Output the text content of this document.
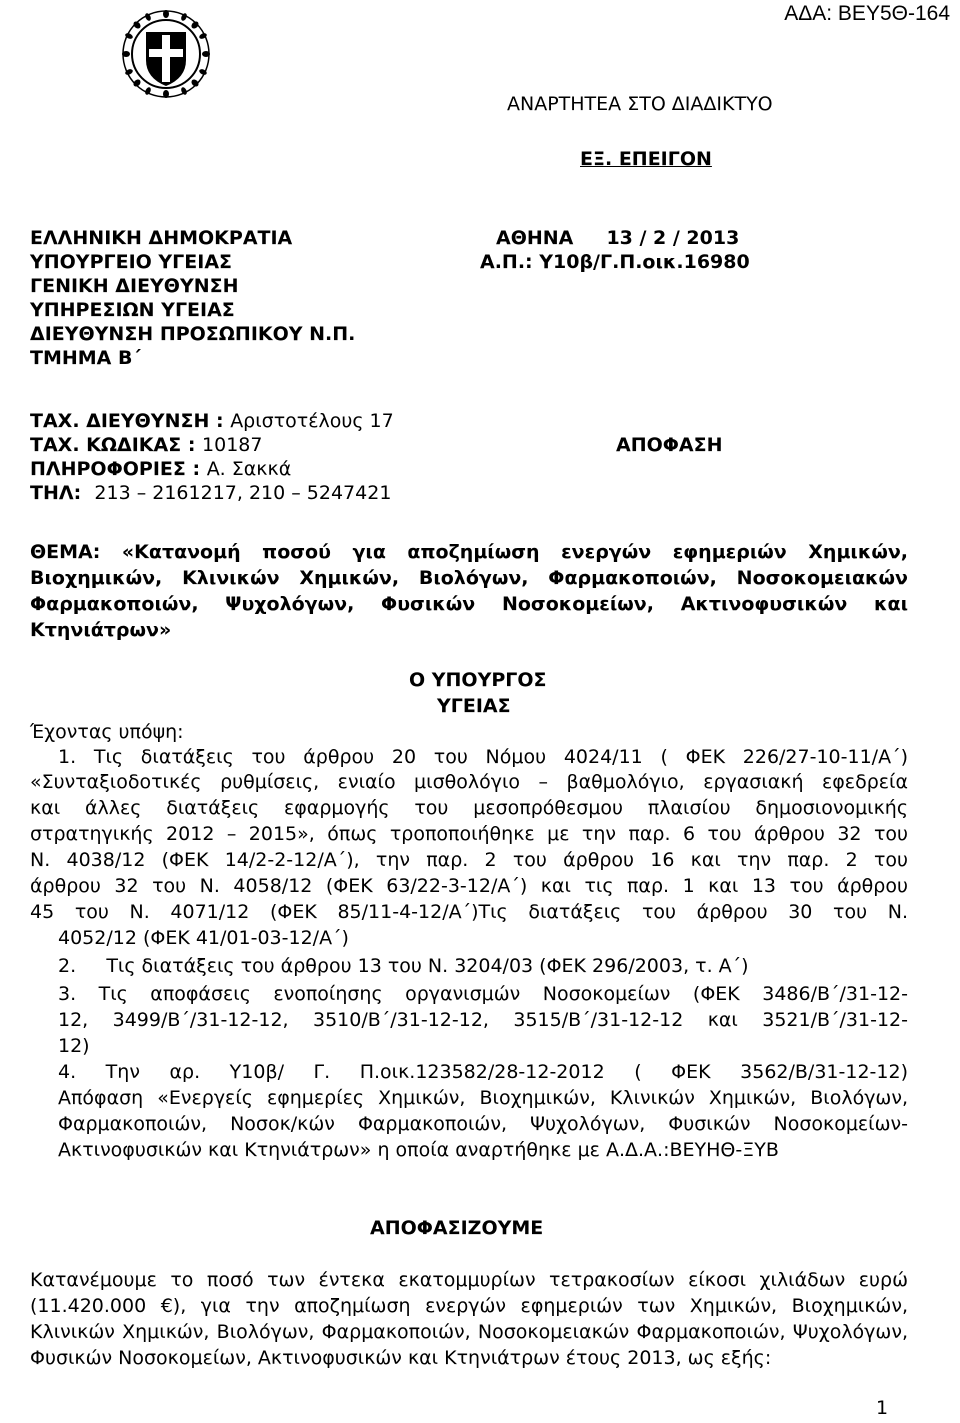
ΑΔΑ: ΒΕΥ5Θ-164
ΑΝΑΡΤΗΤΕΑ ΣΤΟ ΔΙΑΔΙΚΤΥΟ
ΕΞ. ΕΠΕΙΓΟΝ
ΕΛΛΗΝΙΚΗ ΔΗΜΟΚΡΑΤΙΑ
ΥΠΟΥΡΓΕΙΟ ΥΓΕΙΑΣ
ΓΕΝΙΚΗ ΔΙΕΥΘΥΝΣΗ
ΥΠΗΡΕΣΙΩΝ ΥΓΕΙΑΣ
ΔΙΕΥΘΥΝΣΗ ΠΡΟΣΩΠΙΚΟΥ Ν.Π.
ΤΜΗΜΑ Β΄
ΑΘΗΝΑ     13 / 2 / 2013
Α.Π.: Υ10β/Γ.Π.οικ.16980
ΤΑΧ. ΔΙΕΥΘΥΝΣΗ : Αριστοτέλους 17
ΤΑΧ. ΚΩΔΙΚΑΣ : 10187
ΠΛΗΡΟΦΟΡΙΕΣ : Α. Σακκά
ΤΗΛ: 213 – 2161217, 210 – 5247421
ΑΠΟΦΑΣΗ
ΘΕΜΑ: «Κατανομή ποσού για αποζημίωση ενεργών εφημεριών Χημικών,
Βιοχημικών, Κλινικών Χημικών, Βιολόγων, Φαρμακοποιών, Νοσοκομειακών
Φαρμακοποιών, Ψυχολόγων, Φυσικών Νοσοκομείων, Ακτινοφυσικών και
Κτηνιάτρων»
Ο ΥΠΟΥΡΓΟΣ
ΥΓΕΙΑΣ
Έχοντας υπόψη:
1. Τις διατάξεις του άρθρου 20 του Νόμου 4024/11 ( ΦΕΚ 226/27-10-11/Α΄)
«Συνταξιοδοτικές ρυθμίσεις, ενιαίο μισθολόγιο – βαθμολόγιο, εργασιακή εφεδρεία
και άλλες διατάξεις εφαρμογής του μεσοπρόθεσμου πλαισίου δημοσιονομικής
στρατηγικής 2012 – 2015», όπως τροποποιήθηκε με την παρ. 6 του άρθρου 32 του
Ν. 4038/12 (ΦΕΚ 14/2-2-12/Α΄), την παρ. 2 του άρθρου 16 και την παρ. 2 του
άρθρου 32 του Ν. 4058/12 (ΦΕΚ 63/22-3-12/Α΄) και τις παρ. 1 και 13 του άρθρου
45 του Ν. 4071/12 (ΦΕΚ 85/11-4-12/Α΄)Τις διατάξεις του άρθρου 30 του Ν.
4052/12 (ΦΕΚ 41/01-03-12/Α΄)
2.     Τις διατάξεις του άρθρου 13 του Ν. 3204/03 (ΦΕΚ 296/2003, τ. Α΄)
3. Τις αποφάσεις ενοποίησης οργανισμών Νοσοκομείων (ΦΕΚ 3486/Β΄/31-12-
12, 3499/Β΄/31-12-12, 3510/Β΄/31-12-12, 3515/Β΄/31-12-12 και 3521/Β΄/31-12-
12)
4. Την αρ. Υ10β/ Γ. Π.οικ.123582/28-12-2012 ( ΦΕΚ 3562/Β/31-12-12)
Απόφαση «Ενεργείς εφημερίες Χημικών, Βιοχημικών, Κλινικών Χημικών, Βιολόγων,
Φαρμακοποιών, Νοσοκ/κών Φαρμακοποιών, Ψυχολόγων, Φυσικών Νοσοκομείων-
Ακτινοφυσικών και Κτηνιάτρων» η οποία αναρτήθηκε με Α.Δ.Α.:ΒΕΥΗΘ-ΞΥΒ
ΑΠΟΦΑΣΙΖΟΥΜΕ
Κατανέμουμε το ποσό των έντεκα εκατομμυρίων τετρακοσίων είκοσι χιλιάδων ευρώ
(11.420.000 €), για την αποζημίωση ενεργών εφημεριών των Χημικών, Βιοχημικών,
Κλινικών Χημικών, Βιολόγων, Φαρμακοποιών, Νοσοκομειακών Φαρμακοποιών, Ψυχολόγων,
Φυσικών Νοσοκομείων, Ακτινοφυσικών και Κτηνιάτρων έτους 2013, ως εξής:
1
